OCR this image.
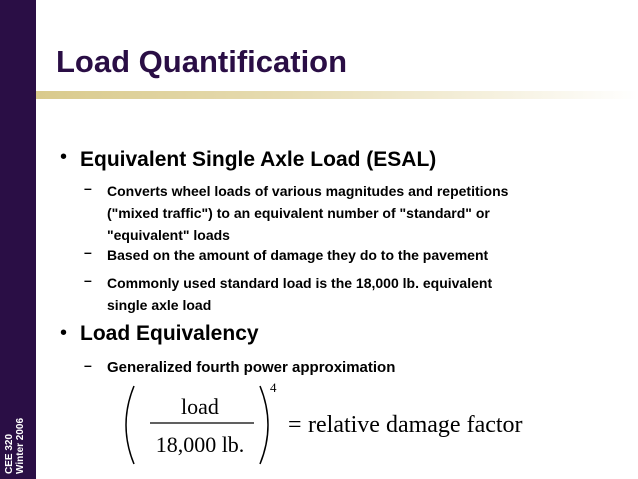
CEE 320 Winter 2006
Load Quantification
• Equivalent Single Axle Load (ESAL)
– Converts wheel loads of various magnitudes and repetitions
("mixed traffic") to an equivalent number of "standard" or
"equivalent" loads
– Based on the amount of damage they do to the pavement
– Commonly used standard load is the 18,000 lb. equivalent
single axle load
• Load Equivalency
– Generalized fourth power approximation
load
18,000 lb.
4
= relative damage factor
